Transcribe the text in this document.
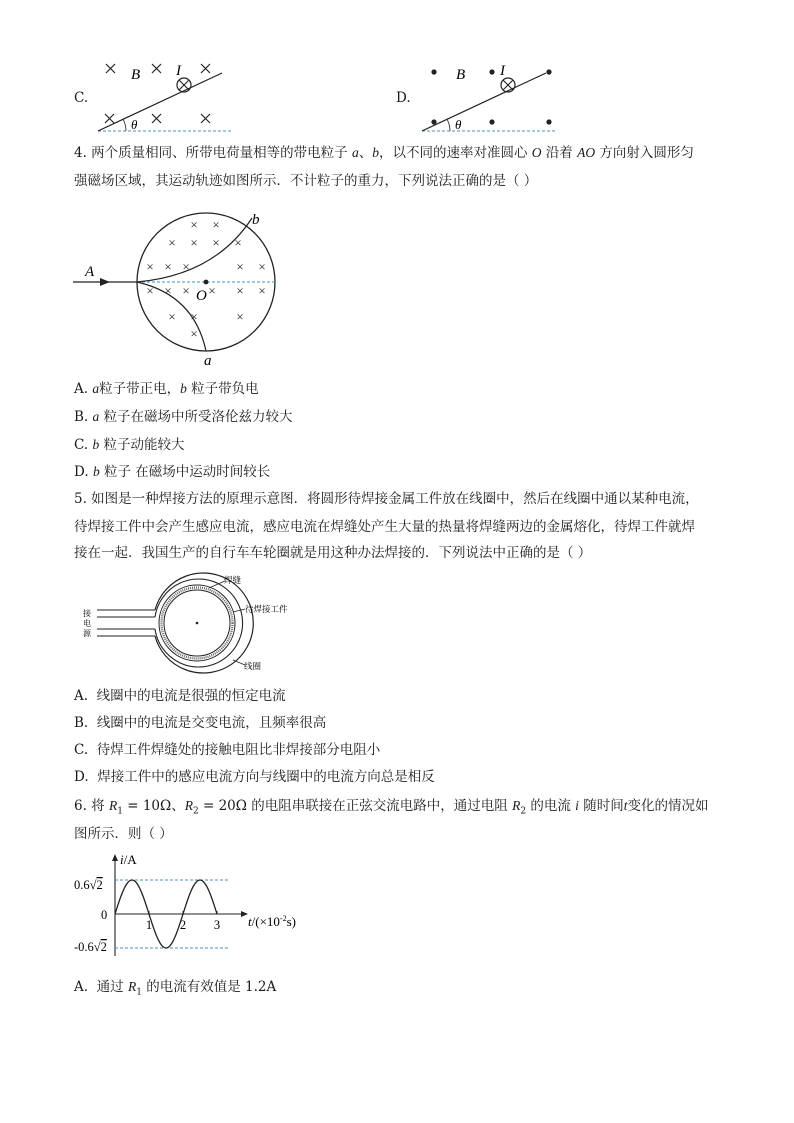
C.
B I
θ
D.
B I
θ
4. 两个质量相同、所带电荷量相等的带电粒子 a、b，以不同的速率对准圆心 O 沿着 AO 方向射入圆形匀
强磁场区域，其运动轨迹如图所示．不计粒子的重力，下列说法正确的是（ ）
× ×
× × × ×
× × ×	× ×
× × × × × ×
× ×	×
×
A
O
b
a
A. a粒子带正电，b 粒子带负电
B. a 粒子在磁场中所受洛伦兹力较大
C. b 粒子动能较大
D. b 粒子 在磁场中运动时间较长
5. 如图是一种焊接方法的原理示意图．将圆形待焊接金属工件放在线圈中，然后在线圈中通以某种电流，
待焊接工件中会产生感应电流，感应电流在焊缝处产生大量的热量将焊缝两边的金属熔化，待焊工件就焊
接在一起．我国生产的自行车车轮圈就是用这种办法焊接的．下列说法中正确的是（ ）
焊缝
待焊接工件
线圈
接
电
源
A. 线圈中的电流是很强的恒定电流
B. 线圈中的电流是交变电流，且频率很高
C. 待焊工件焊缝处的接触电阻比非焊接部分电阻小
D. 焊接工件中的感应电流方向与线圈中的电流方向总是相反
6. 将 $R_1 = 10\Omega$、$R_2 = 20\Omega$ 的电阻串联接在正弦交流电路中，通过电阻 $R_2$ 的电流 i 随时间t变化的情况如
图所示．则（ ）
0.6√2
0
-0.6√2
i/A
$t/(\times 10^{-2}s)$
1 2 3
A. 通过 $R_1$ 的电流有效值是 1.2A
